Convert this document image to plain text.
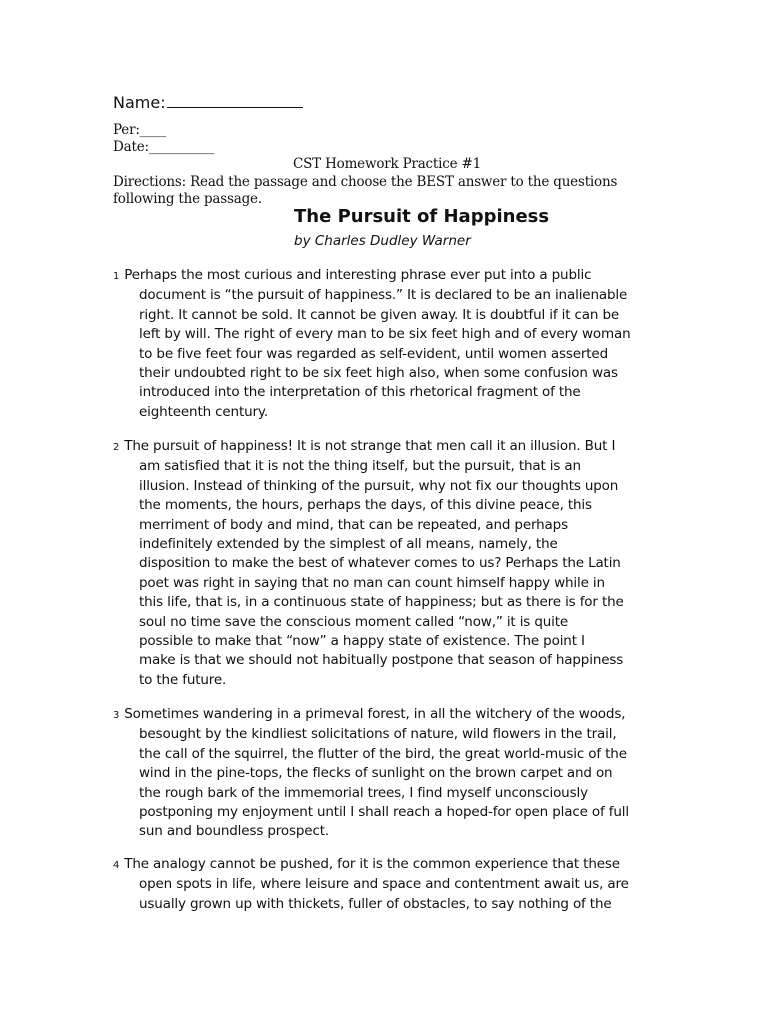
Name:
Per:____
Date:__________
CST Homework Practice #1
Directions: Read the passage and choose the BEST answer to the questions following the passage.
The Pursuit of Happiness
by Charles Dudley Warner
1 Perhaps the most curious and interesting phrase ever put into a public
document is “the pursuit of happiness.” It is declared to be an inalienable
right. It cannot be sold. It cannot be given away. It is doubtful if it can be
left by will. The right of every man to be six feet high and of every woman
to be five feet four was regarded as self-evident, until women asserted
their undoubted right to be six feet high also, when some confusion was
introduced into the interpretation of this rhetorical fragment of the
eighteenth century.
2 The pursuit of happiness! It is not strange that men call it an illusion. But I
am satisfied that it is not the thing itself, but the pursuit, that is an
illusion. Instead of thinking of the pursuit, why not fix our thoughts upon
the moments, the hours, perhaps the days, of this divine peace, this
merriment of body and mind, that can be repeated, and perhaps
indefinitely extended by the simplest of all means, namely, the
disposition to make the best of whatever comes to us? Perhaps the Latin
poet was right in saying that no man can count himself happy while in
this life, that is, in a continuous state of happiness; but as there is for the
soul no time save the conscious moment called “now,” it is quite
possible to make that “now” a happy state of existence. The point I
make is that we should not habitually postpone that season of happiness
to the future.
3 Sometimes wandering in a primeval forest, in all the witchery of the woods,
besought by the kindliest solicitations of nature, wild flowers in the trail,
the call of the squirrel, the flutter of the bird, the great world-music of the
wind in the pine-tops, the flecks of sunlight on the brown carpet and on
the rough bark of the immemorial trees, I find myself unconsciously
postponing my enjoyment until I shall reach a hoped-for open place of full
sun and boundless prospect.
4 The analogy cannot be pushed, for it is the common experience that these
open spots in life, where leisure and space and contentment await us, are
usually grown up with thickets, fuller of obstacles, to say nothing of the
